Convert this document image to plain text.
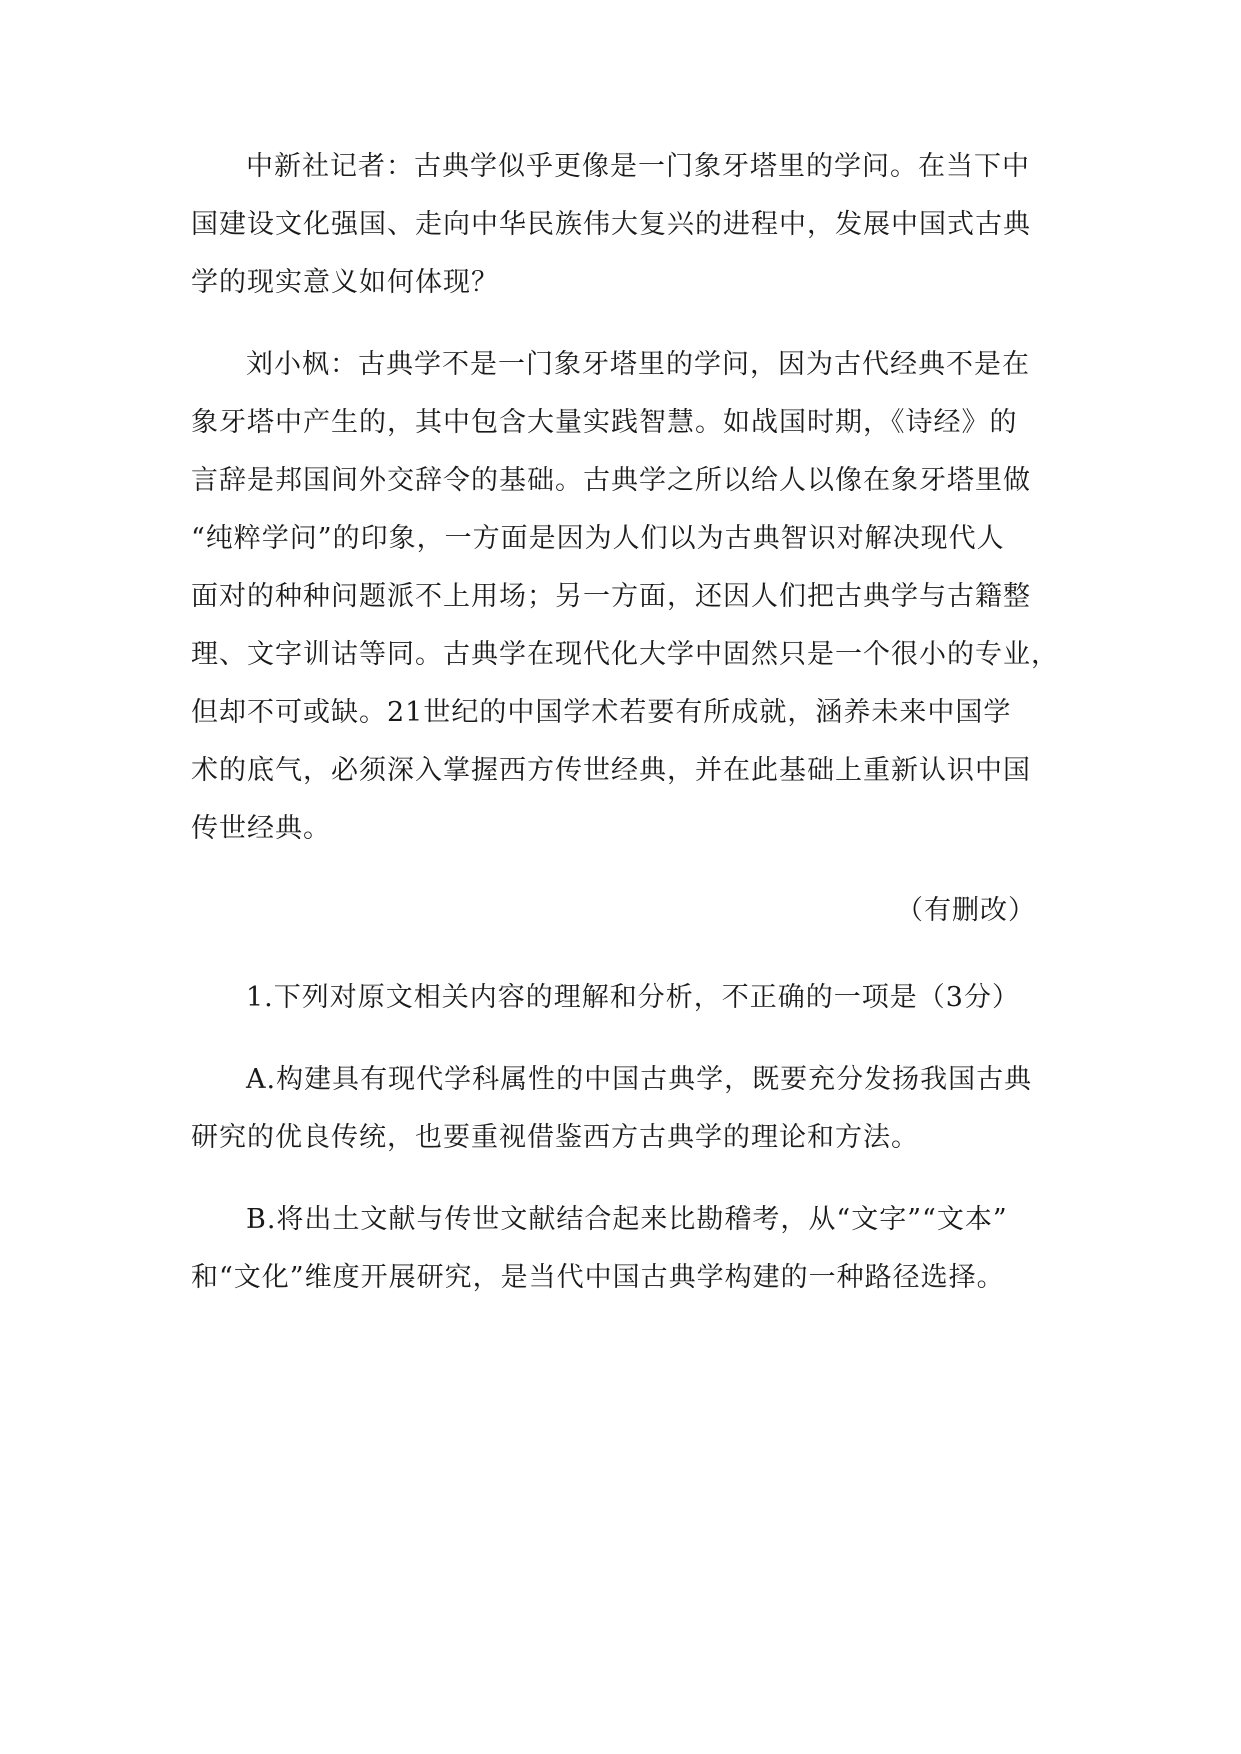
中新社记者：古典学似乎更像是一门象牙塔里的学问。在当下中
国建设文化强国、走向中华民族伟大复兴的进程中，发展中国式古典
学的现实意义如何体现？
刘小枫：古典学不是一门象牙塔里的学问，因为古代经典不是在
象牙塔中产生的，其中包含大量实践智慧。如战国时期，《诗经》的
言辞是邦国间外交辞令的基础。古典学之所以给人以像在象牙塔里做
“纯粹学问”的印象，一方面是因为人们以为古典智识对解决现代人
面对的种种问题派不上用场；另一方面，还因人们把古典学与古籍整
理、文字训诂等同。古典学在现代化大学中固然只是一个很小的专业，
但却不可或缺。21世纪的中国学术若要有所成就，涵养未来中国学
术的底气，必须深入掌握西方传世经典，并在此基础上重新认识中国
传世经典。
（有删改）
1.下列对原文相关内容的理解和分析，不正确的一项是（3分）
A.构建具有现代学科属性的中国古典学，既要充分发扬我国古典
研究的优良传统，也要重视借鉴西方古典学的理论和方法。
B.将出土文献与传世文献结合起来比勘稽考，从“文字”“文本”
和“文化”维度开展研究，是当代中国古典学构建的一种路径选择。
